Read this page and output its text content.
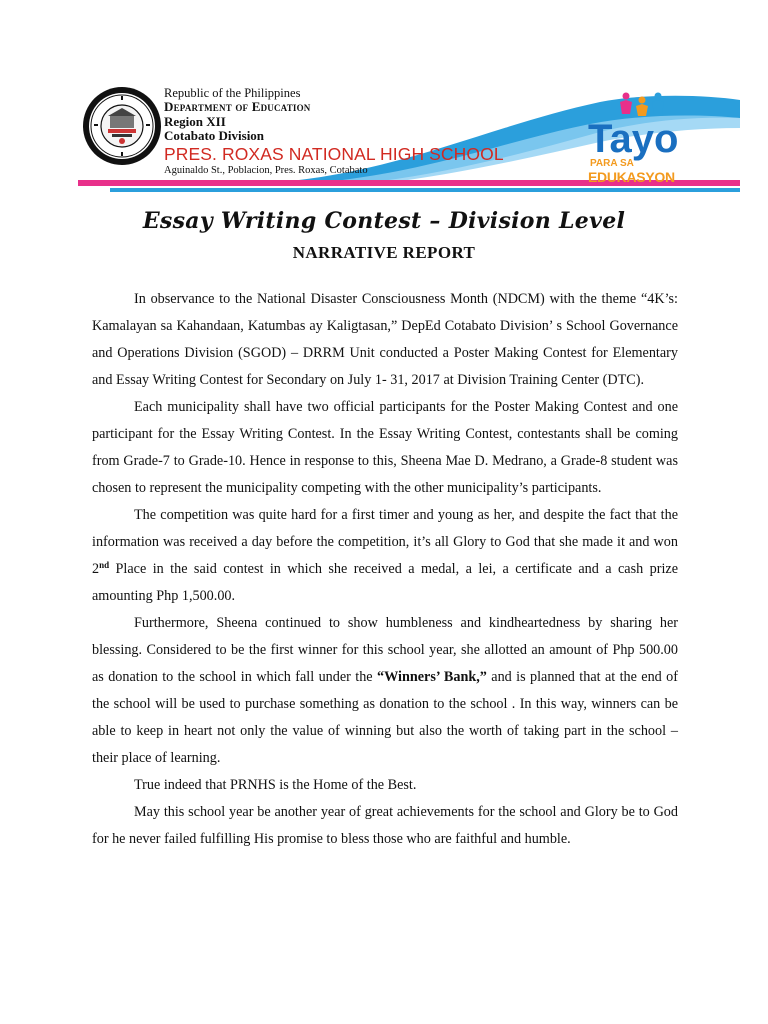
Republic of the Philippines
Department of Education
Region XII
Cotabato Division
PRES. ROXAS NATIONAL HIGH SCHOOL
Aguinaldo St., Poblacion, Pres. Roxas, Cotabato
Tayo
PARA SA
EDUKASYON
Essay Writing Contest – Division Level
NARRATIVE REPORT

In observance to the National Disaster Consciousness Month (NDCM) with the theme “4K’s: Kamalayan sa Kahandaan, Katumbas ay Kaligtasan,” DepEd Cotabato Division’ s School Governance and Operations Division (SGOD) – DRRM Unit conducted a Poster Making Contest for Elementary and Essay Writing Contest for Secondary on July 1- 31, 2017 at Division Training Center (DTC).

Each municipality shall have two official participants for the Poster Making Contest and one participant for the Essay Writing Contest. In the Essay Writing Contest, contestants shall be coming from Grade-7 to Grade-10. Hence in response to this, Sheena Mae D. Medrano, a Grade-8 student was chosen to represent the municipality competing with the other municipality’s participants.

The competition was quite hard for a first timer and young as her, and despite the fact that the information was received a day before the competition, it’s all Glory to God that she made it and won 2nd Place in the said contest in which she received a medal, a lei, a certificate and a cash prize amounting Php 1,500.00.

Furthermore, Sheena continued to show humbleness and kindheartedness by sharing her blessing. Considered to be the first winner for this school year, she allotted an amount of Php 500.00 as donation to the school in which fall under the “Winners’ Bank,” and is planned that at the end of the school will be used to purchase something as donation to the school . In this way, winners can be able to keep in heart not only the value of winning but also the worth of taking part in the school – their place of learning.

True indeed that PRNHS is the Home of the Best.

May this school year be another year of great achievements for the school and Glory be to God for he never failed fulfilling His promise to bless those who are faithful and humble.
